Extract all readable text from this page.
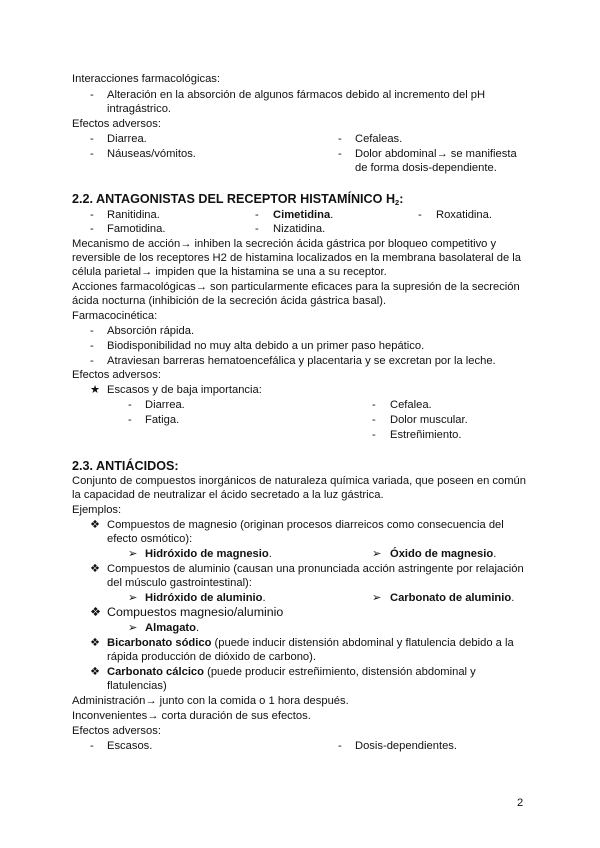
Interacciones farmacológicas:
- Alteración en la absorción de algunos fármacos debido al incremento del pH
intragástrico.
Efectos adversos:
- Diarrea.	- Cefaleas.
- Náuseas/vómitos.	- Dolor abdominal→ se manifiesta
de forma dosis-dependiente.
2.2. ANTAGONISTAS DEL RECEPTOR HISTAMÍNICO $H_2$:
- Ranitidina.	- Cimetidina.	- Roxatidina.
- Famotidina.	- Nizatidina.
Mecanismo de acción→ inhiben la secreción ácida gástrica por bloqueo competitivo y
reversible de los receptores H2 de histamina localizados en la membrana basolateral de la
célula parietal→ impiden que la histamina se una a su receptor.
Acciones farmacológicas→ son particularmente eficaces para la supresión de la secreción
ácida nocturna (inhibición de la secreción ácida gástrica basal).
Farmacocinética:
- Absorción rápida.
- Biodisponibilidad no muy alta debido a un primer paso hepático.
- Atraviesan barreras hematoencefálica y placentaria y se excretan por la leche.
Efectos adversos:
★ Escasos y de baja importancia:
- Diarrea.	- Cefalea.
- Fatiga.	- Dolor muscular.
- Estreñimiento.
2.3. ANTIÁCIDOS:
Conjunto de compuestos inorgánicos de naturaleza química variada, que poseen en común
la capacidad de neutralizar el ácido secretado a la luz gástrica.
Ejemplos:
❖ Compuestos de magnesio (originan procesos diarreicos como consecuencia del
efecto osmótico):
➢ Hidróxido de magnesio.	➢ Óxido de magnesio.
❖ Compuestos de aluminio (causan una pronunciada acción astringente por relajación
del músculo gastrointestinal):
➢ Hidróxido de aluminio.	➢ Carbonato de aluminio.
❖ Compuestos magnesio/aluminio
➢ Almagato.
❖ Bicarbonato sódico (puede inducir distensión abdominal y flatulencia debido a la
rápida producción de dióxido de carbono).
❖ Carbonato cálcico (puede producir estreñimiento, distensión abdominal y
flatulencias)
Administración→ junto con la comida o 1 hora después.
Inconvenientes→ corta duración de sus efectos.
Efectos adversos:
- Escasos.	- Dosis-dependientes.
2
